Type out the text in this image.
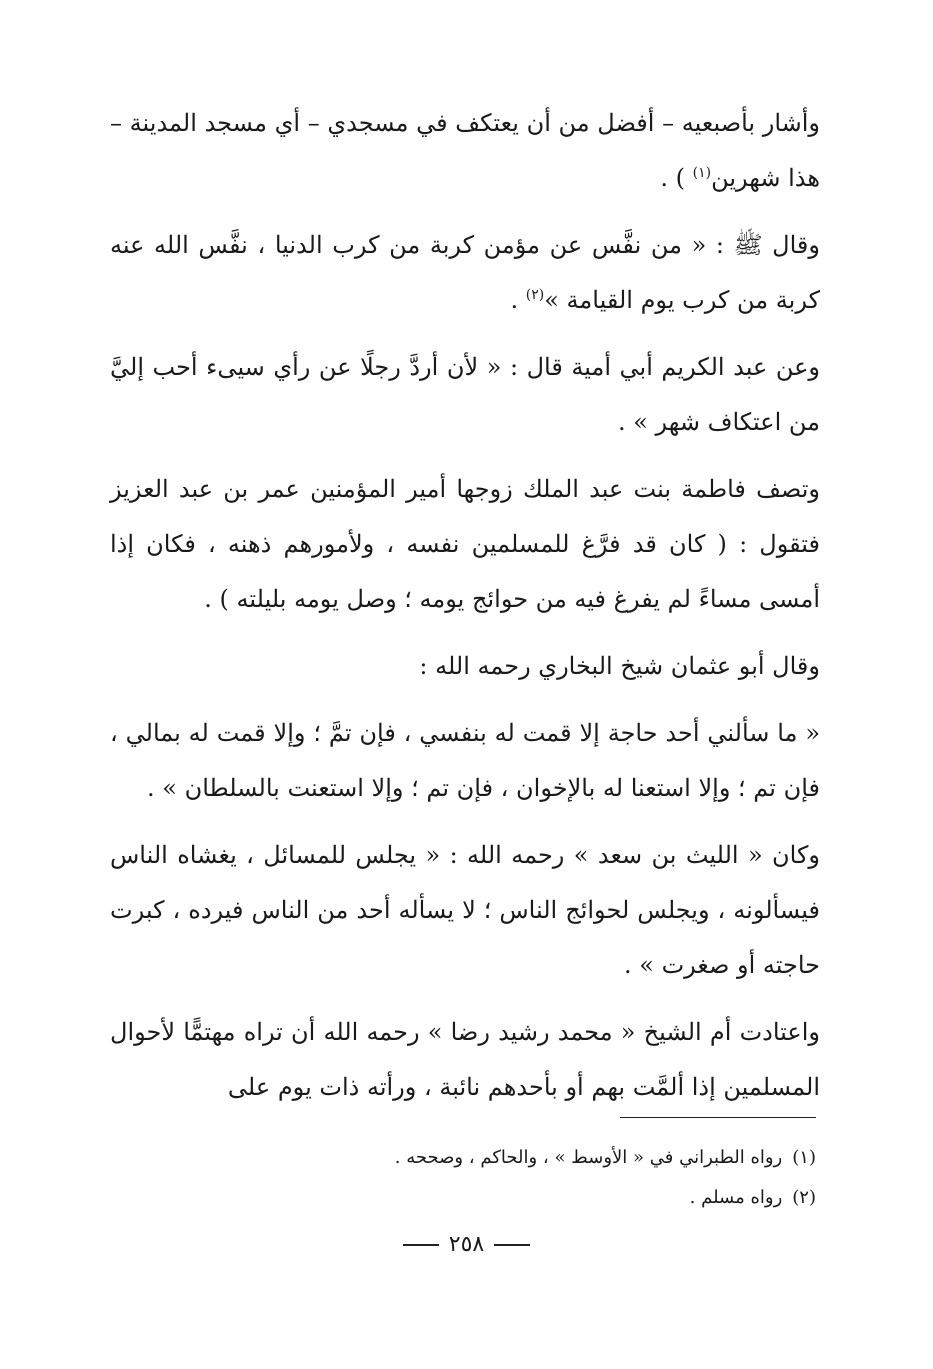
وأشار بأصبعيه – أفضل من أن يعتكف في مسجدي – أي مسجد المدينة – هذا شهرين$^{(١)}$ ) .

وقال ﷺ : « من نفَّس عن مؤمن كربة من كرب الدنيا ، نفَّس الله عنه كربة من كرب يوم القيامة »$^{(٢)}$ .

وعن عبد الكريم أبي أمية قال : « لأن أردَّ رجلًا عن رأي سيىء أحب إليَّ من اعتكاف شهر » .

وتصف فاطمة بنت عبد الملك زوجها أمير المؤمنين عمر بن عبد العزيز فتقول : ( كان قد فرَّغ للمسلمين نفسه ، ولأمورهم ذهنه ، فكان إذا أمسى مساءً لم يفرغ فيه من حوائج يومه ؛ وصل يومه بليلته ) .

وقال أبو عثمان شيخ البخاري رحمه الله :

« ما سألني أحد حاجة إلا قمت له بنفسي ، فإن تمَّ ؛ وإلا قمت له بمالي ، فإن تم ؛ وإلا استعنا له بالإخوان ، فإن تم ؛ وإلا استعنت بالسلطان » .

وكان « الليث بن سعد » رحمه الله : « يجلس للمسائل ، يغشاه الناس فيسألونه ، ويجلس لحوائج الناس ؛ لا يسأله أحد من الناس فيرده ، كبرت حاجته أو صغرت » .

واعتادت أم الشيخ « محمد رشيد رضا » رحمه الله أن تراه مهتمًّا لأحوال المسلمين إذا ألمَّت بهم أو بأحدهم نائبة ، ورأته ذات يوم على

(١)رواه الطبراني في « الأوسط » ، والحاكم ، وصححه .
(٢)رواه مسلم .
٢٥٨
